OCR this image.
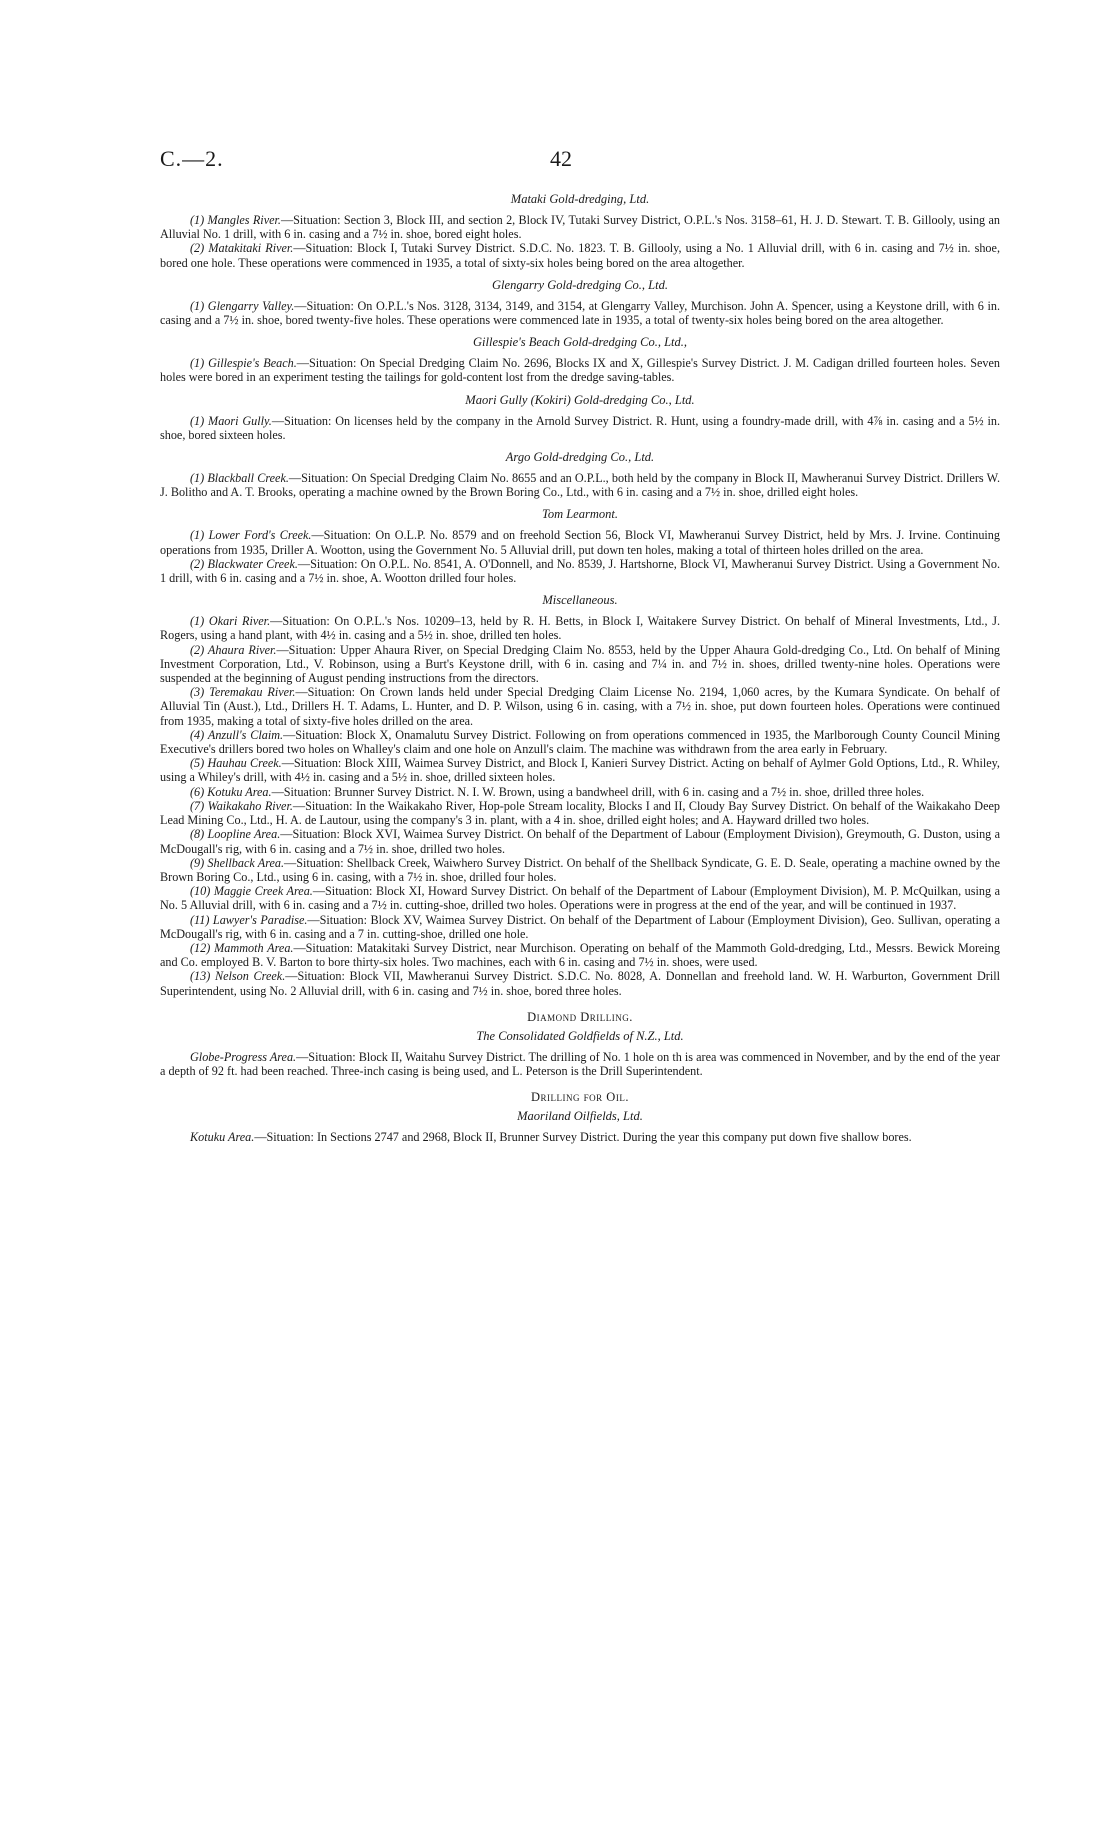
C.—2.	42
Mataki Gold-dredging, Ltd.

(1) Mangles River.—Situation: Section 3, Block III, and section 2, Block IV, Tutaki Survey District, O.P.L.'s Nos. 3158–61, H. J. D. Stewart. T. B. Gillooly, using an Alluvial No. 1 drill, with 6 in. casing and a 7½ in. shoe, bored eight holes.

(2) Matakitaki River.—Situation: Block I, Tutaki Survey District. S.D.C. No. 1823. T. B. Gillooly, using a No. 1 Alluvial drill, with 6 in. casing and 7½ in. shoe, bored one hole. These operations were commenced in 1935, a total of sixty-six holes being bored on the area altogether.

Glengarry Gold-dredging Co., Ltd.

(1) Glengarry Valley.—Situation: On O.P.L.'s Nos. 3128, 3134, 3149, and 3154, at Glengarry Valley, Murchison. John A. Spencer, using a Keystone drill, with 6 in. casing and a 7½ in. shoe, bored twenty-five holes. These operations were commenced late in 1935, a total of twenty-six holes being bored on the area altogether.

Gillespie's Beach Gold-dredging Co., Ltd.,

(1) Gillespie's Beach.—Situation: On Special Dredging Claim No. 2696, Blocks IX and X, Gillespie's Survey District. J. M. Cadigan drilled fourteen holes. Seven holes were bored in an experiment testing the tailings for gold-content lost from the dredge saving-tables.

Maori Gully (Kokiri) Gold-dredging Co., Ltd.

(1) Maori Gully.—Situation: On licenses held by the company in the Arnold Survey District. R. Hunt, using a foundry-made drill, with 4⅞ in. casing and a 5½ in. shoe, bored sixteen holes.

Argo Gold-dredging Co., Ltd.

(1) Blackball Creek.—Situation: On Special Dredging Claim No. 8655 and an O.P.L., both held by the company in Block II, Mawheranui Survey District. Drillers W. J. Bolitho and A. T. Brooks, operating a machine owned by the Brown Boring Co., Ltd., with 6 in. casing and a 7½ in. shoe, drilled eight holes.

Tom Learmont.

(1) Lower Ford's Creek.—Situation: On O.L.P. No. 8579 and on freehold Section 56, Block VI, Mawheranui Survey District, held by Mrs. J. Irvine. Continuing operations from 1935, Driller A. Wootton, using the Government No. 5 Alluvial drill, put down ten holes, making a total of thirteen holes drilled on the area.

(2) Blackwater Creek.—Situation: On O.P.L. No. 8541, A. O'Donnell, and No. 8539, J. Hartshorne, Block VI, Mawheranui Survey District. Using a Government No. 1 drill, with 6 in. casing and a 7½ in. shoe, A. Wootton drilled four holes.

Miscellaneous.

(1) Okari River.—Situation: On O.P.L.'s Nos. 10209–13, held by R. H. Betts, in Block I, Waitakere Survey District. On behalf of Mineral Investments, Ltd., J. Rogers, using a hand plant, with 4½ in. casing and a 5½ in. shoe, drilled ten holes.

(2) Ahaura River.—Situation: Upper Ahaura River, on Special Dredging Claim No. 8553, held by the Upper Ahaura Gold-dredging Co., Ltd. On behalf of Mining Investment Corporation, Ltd., V. Robinson, using a Burt's Keystone drill, with 6 in. casing and 7¼ in. and 7½ in. shoes, drilled twenty-nine holes. Operations were suspended at the beginning of August pending instructions from the directors.

(3) Teremakau River.—Situation: On Crown lands held under Special Dredging Claim License No. 2194, 1,060 acres, by the Kumara Syndicate. On behalf of Alluvial Tin (Aust.), Ltd., Drillers H. T. Adams, L. Hunter, and D. P. Wilson, using 6 in. casing, with a 7½ in. shoe, put down fourteen holes. Operations were continued from 1935, making a total of sixty-five holes drilled on the area.

(4) Anzull's Claim.—Situation: Block X, Onamalutu Survey District. Following on from operations commenced in 1935, the Marlborough County Council Mining Executive's drillers bored two holes on Whalley's claim and one hole on Anzull's claim. The machine was withdrawn from the area early in February.

(5) Hauhau Creek.—Situation: Block XIII, Waimea Survey District, and Block I, Kanieri Survey District. Acting on behalf of Aylmer Gold Options, Ltd., R. Whiley, using a Whiley's drill, with 4½ in. casing and a 5½ in. shoe, drilled sixteen holes.

(6) Kotuku Area.—Situation: Brunner Survey District. N. I. W. Brown, using a bandwheel drill, with 6 in. casing and a 7½ in. shoe, drilled three holes.

(7) Waikakaho River.—Situation: In the Waikakaho River, Hop-pole Stream locality, Blocks I and II, Cloudy Bay Survey District. On behalf of the Waikakaho Deep Lead Mining Co., Ltd., H. A. de Lautour, using the company's 3 in. plant, with a 4 in. shoe, drilled eight holes; and A. Hayward drilled two holes.

(8) Loopline Area.—Situation: Block XVI, Waimea Survey District. On behalf of the Department of Labour (Employment Division), Greymouth, G. Duston, using a McDougall's rig, with 6 in. casing and a 7½ in. shoe, drilled two holes.

(9) Shellback Area.—Situation: Shellback Creek, Waiwhero Survey District. On behalf of the Shellback Syndicate, G. E. D. Seale, operating a machine owned by the Brown Boring Co., Ltd., using 6 in. casing, with a 7½ in. shoe, drilled four holes.

(10) Maggie Creek Area.—Situation: Block XI, Howard Survey District. On behalf of the Department of Labour (Employment Division), M. P. McQuilkan, using a No. 5 Alluvial drill, with 6 in. casing and a 7½ in. cutting-shoe, drilled two holes. Operations were in progress at the end of the year, and will be continued in 1937.

(11) Lawyer's Paradise.—Situation: Block XV, Waimea Survey District. On behalf of the Department of Labour (Employment Division), Geo. Sullivan, operating a McDougall's rig, with 6 in. casing and a 7 in. cutting-shoe, drilled one hole.

(12) Mammoth Area.—Situation: Matakitaki Survey District, near Murchison. Operating on behalf of the Mammoth Gold-dredging, Ltd., Messrs. Bewick Moreing and Co. employed B. V. Barton to bore thirty-six holes. Two machines, each with 6 in. casing and 7½ in. shoes, were used.

(13) Nelson Creek.—Situation: Block VII, Mawheranui Survey District. S.D.C. No. 8028, A. Donnellan and freehold land. W. H. Warburton, Government Drill Superintendent, using No. 2 Alluvial drill, with 6 in. casing and 7½ in. shoe, bored three holes.

Diamond Drilling.
The Consolidated Goldfields of N.Z., Ltd.

Globe-Progress Area.—Situation: Block II, Waitahu Survey District. The drilling of No. 1 hole on th is area was commenced in November, and by the end of the year a depth of 92 ft. had been reached. Three-inch casing is being used, and L. Peterson is the Drill Superintendent.

Drilling for Oil.
Maoriland Oilfields, Ltd.

Kotuku Area.—Situation: In Sections 2747 and 2968, Block II, Brunner Survey District. During the year this company put down five shallow bores.
